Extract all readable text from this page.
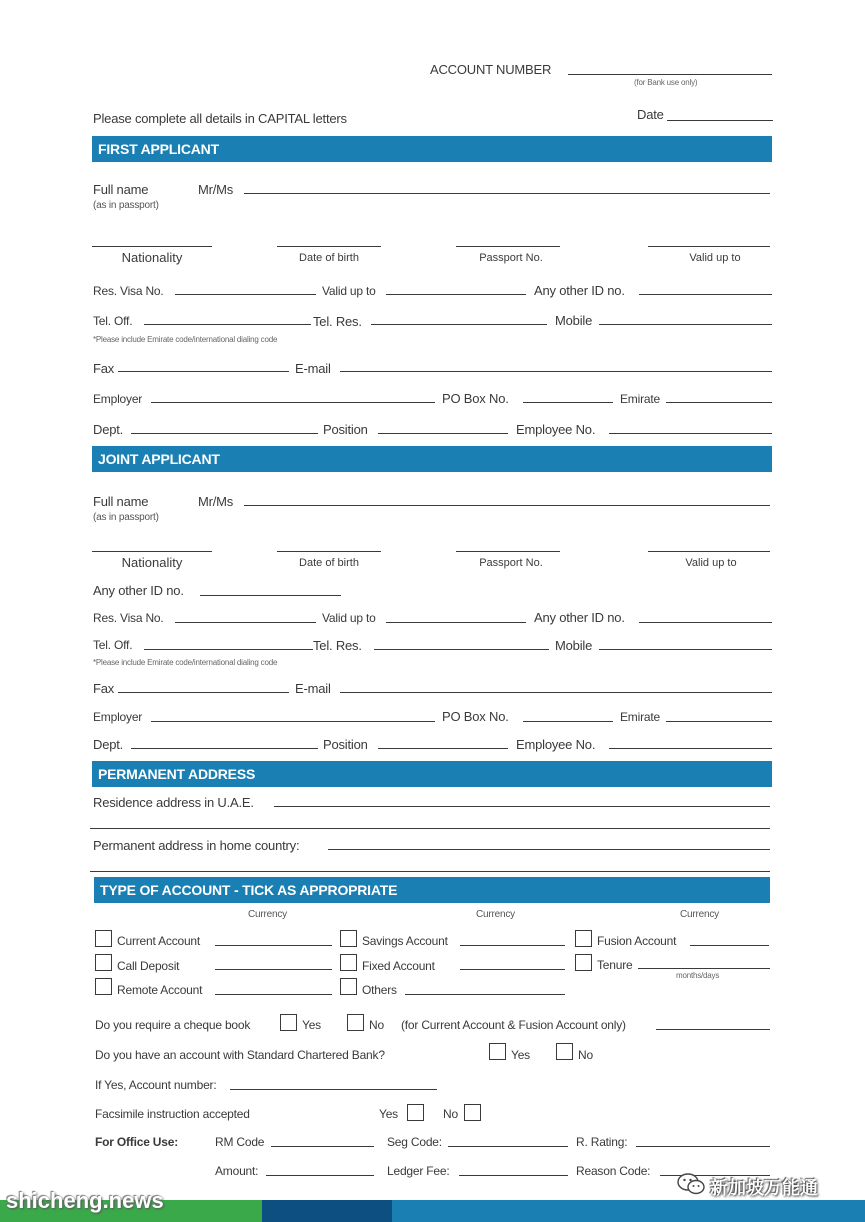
ACCOUNT NUMBER
(for Bank use only)
Please complete all details in CAPITAL letters	Date
FIRST APPLICANT
Full name
(as in passport)
Mr/Ms
Nationality	Date of birth	Passport No.	Valid up to
Res. Visa No.	Valid up to	Any other ID no.
Tel. Off.	Tel. Res.	Mobile
*Please include Emirate code/international dialing code
Fax	E-mail
Employer	PO Box No.	Emirate
Dept.	Position	Employee No.
JOINT APPLICANT
Full name
(as in passport)
Mr/Ms
Nationality	Date of birth	Passport No.	Valid up to
Any other ID no.
Res. Visa No.	Valid up to	Any other ID no.
Tel. Off.	Tel. Res.	Mobile
*Please include Emirate code/international dialing code
Fax	E-mail
Employer	PO Box No.	Emirate
Dept.	Position	Employee No.
PERMANENT ADDRESS
Residence address in U.A.E.
Permanent address in home country:
TYPE OF ACCOUNT - TICK AS APPROPRIATE
Currency	Currency	Currency
Current Account	Savings Account	Fusion Account
Call Deposit	Fixed Account	Tenure
months/days
Remote Account	Others
Do you require a cheque book	Yes	No (for Current Account & Fusion Account only)
Do you have an account with Standard Chartered Bank?	Yes	No
If Yes, Account number:
Facsimile instruction accepted	Yes	No
For Office Use:	RM Code	Seg Code:	R. Rating:
Amount:	Ledger Fee:	Reason Code:
shicheng.news	新加坡万能通
